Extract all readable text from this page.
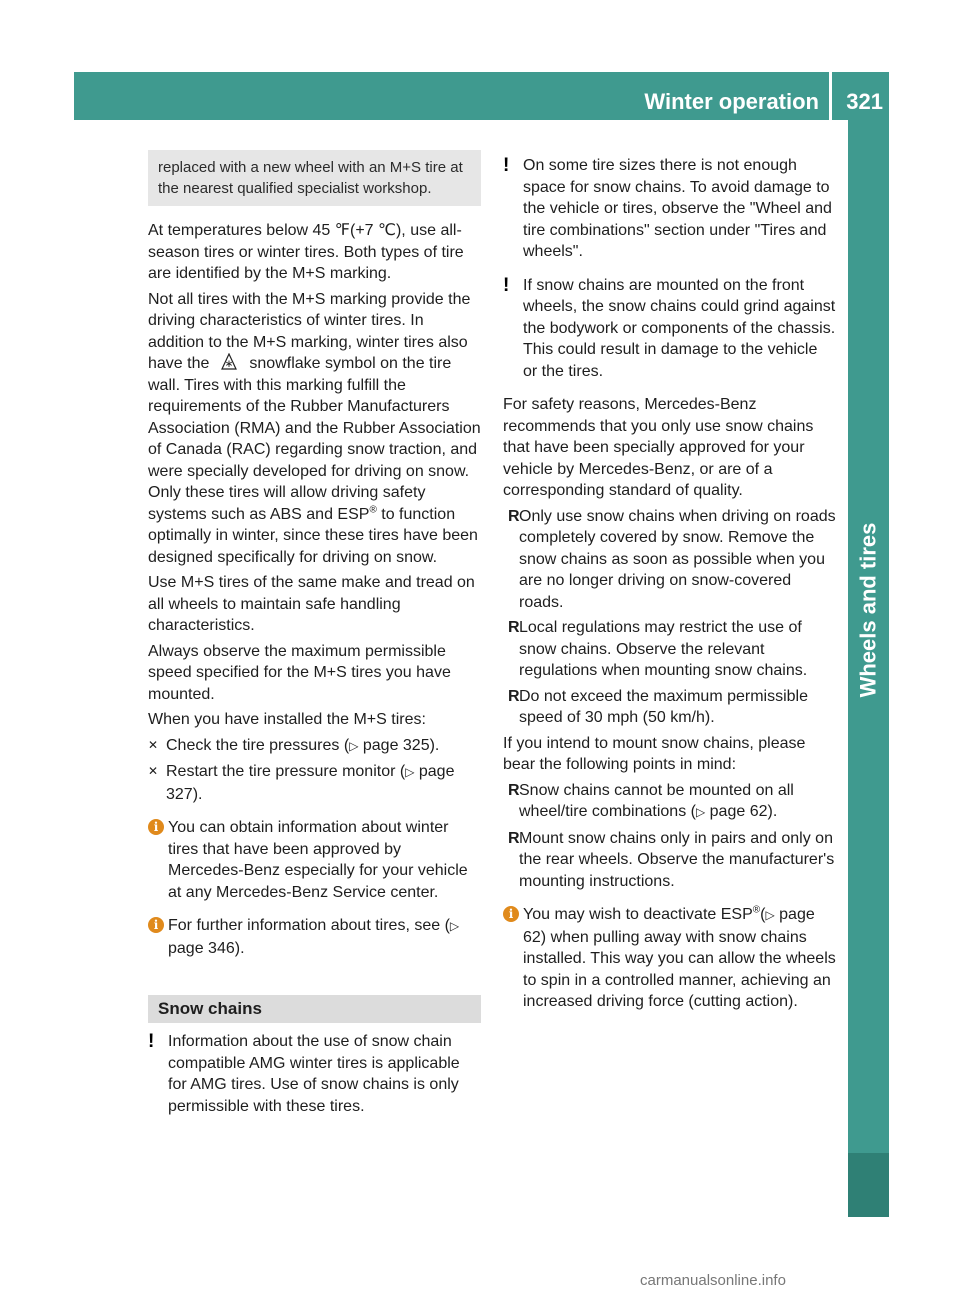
Winter operation 321
Wheels and tires
replaced with a new wheel with an M+S tire at the nearest qualified specialist workshop.

At temperatures below 45 ℉(+7 ℃), use all-season tires or winter tires. Both types of tire are identified by the M+S marking.

Not all tires with the M+S marking provide the driving characteristics of winter tires. In addition to the M+S marking, winter tires also have the	snowflake symbol on the tire wall. Tires with this marking fulfill the requirements of the Rubber Manufacturers Association (RMA) and the Rubber Association of Canada (RAC) regarding snow traction, and were specially developed for driving on snow. Only these tires will allow driving safety systems such as ABS and ESP® to function optimally in winter, since these tires have been designed specifically for driving on snow.

Use M+S tires of the same make and tread on all wheels to maintain safe handling characteristics.

Always observe the maximum permissible speed specified for the M+S tires you have mounted.

When you have installed the M+S tires:

✕ Check the tire pressures (▷ page 325).
✕ Restart the tire pressure monitor (▷ page 327).
i You can obtain information about winter tires that have been approved by Mercedes-Benz especially for your vehicle at any Mercedes-Benz Service center.
i For further information about tires, see (▷ page 346).
Snow chains
! Information about the use of snow chain compatible AMG winter tires is applicable for AMG tires. Use of snow chains is only permissible with these tires.
! On some tire sizes there is not enough space for snow chains. To avoid damage to the vehicle or tires, observe the "Wheel and tire combinations" section under "Tires and wheels".
! If snow chains are mounted on the front wheels, the snow chains could grind against the bodywork or components of the chassis. This could result in damage to the vehicle or the tires.

For safety reasons, Mercedes-Benz recommends that you only use snow chains that have been specially approved for your vehicle by Mercedes-Benz, or are of a corresponding standard of quality.

R Only use snow chains when driving on roads completely covered by snow. Remove the snow chains as soon as possible when you are no longer driving on snow-covered roads.
R Local regulations may restrict the use of snow chains. Observe the relevant regulations when mounting snow chains.
R Do not exceed the maximum permissible speed of 30 mph (50 km/h).

If you intend to mount snow chains, please bear the following points in mind:

R Snow chains cannot be mounted on all wheel/tire combinations (▷ page 62).
R Mount snow chains only in pairs and only on the rear wheels. Observe the manufacturer's mounting instructions.
i You may wish to deactivate ESP®(▷ page 62) when pulling away with snow chains installed. This way you can allow the wheels to spin in a controlled manner, achieving an increased driving force (cutting action).
carmanualsonline.info
